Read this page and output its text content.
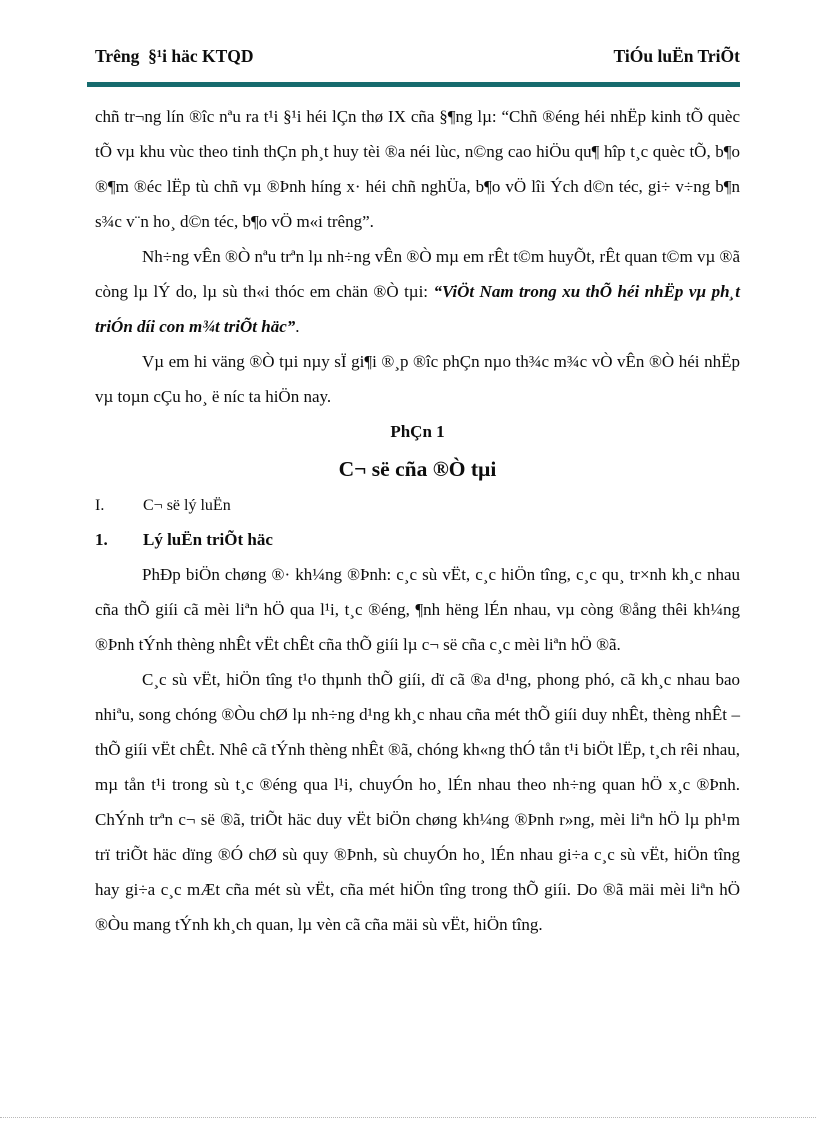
Trêng  §¹i häc KTQD	TiÓu luËn TriÕt

chñ tr¬ng lín ®îc nªu ra t¹i §¹i héi lÇn thø IX cña §¶ng lµ: “Chñ ®éng héi nhËp kinh tÕ quèc tÕ vµ khu vùc theo tinh thÇn ph¸t huy tèi ®a néi lùc, n©ng cao hiÖu qu¶ hîp t¸c quèc tÕ, b¶o ®¶m ®éc lËp tù chñ vµ ®Þnh híng x· héi chñ nghÜa, b¶o vÖ lîi Ých d©n téc, gi÷ v÷ng b¶n s¾c v¨n ho¸ d©n téc, b¶o vÖ m«i trêng”.

Nh÷ng vÊn ®Ò nªu trªn lµ nh÷ng vÊn ®Ò mµ em rÊt t©m huyÕt, rÊt quan t©m vµ ®ã còng lµ lÝ do, lµ sù th«i thóc em chän ®Ò tµi: “ViÖt Nam trong xu thÕ héi nhËp vµ ph¸t triÓn díi con m¾t triÕt häc”.

Vµ em hi väng ®Ò tµi nµy sÏ gi¶i ®¸p ®îc phÇn nµo th¾c m¾c vÒ vÊn ®Ò héi nhËp vµ toµn cÇu ho¸ ë níc ta hiÖn nay.

PhÇn 1

C¬ së cña ®Ò tµi
I.	C¬ së lý luËn
1.	Lý luËn triÕt häc

PhÐp biÖn chøng ®· kh¼ng ®Þnh: c¸c sù vËt, c¸c hiÖn tîng, c¸c qu¸ tr×nh kh¸c nhau cña thÕ giíi cã mèi liªn hÖ qua l¹i, t¸c ®éng, ¶nh hëng lÉn nhau, vµ còng ®ång thêi kh¼ng ®Þnh tÝnh thèng nhÊt vËt chÊt cña thÕ giíi lµ c¬ së cña c¸c mèi liªn hÖ ®ã.

C¸c sù vËt, hiÖn tîng t¹o thµnh thÕ giíi, dï cã ®a d¹ng, phong phó, cã kh¸c nhau bao nhiªu, song chóng ®Òu chØ lµ nh÷ng d¹ng kh¸c nhau cña mét thÕ giíi duy nhÊt, thèng nhÊt – thÕ giíi vËt chÊt. Nhê cã tÝnh thèng nhÊt ®ã, chóng kh«ng thÓ tån t¹i biÖt lËp, t¸ch rêi nhau, mµ tån t¹i trong sù t¸c ®éng qua l¹i, chuyÓn ho¸ lÉn nhau theo nh÷ng quan hÖ x¸c ®Þnh. ChÝnh trªn c¬ së ®ã, triÕt häc duy vËt biÖn chøng kh¼ng ®Þnh r»ng, mèi liªn hÖ lµ ph¹m trï triÕt häc dïng ®Ó chØ sù quy ®Þnh, sù chuyÓn ho¸ lÉn nhau gi÷a c¸c sù vËt, hiÖn tîng hay gi÷a c¸c mÆt cña mét sù vËt, cña mét hiÖn tîng trong thÕ giíi. Do ®ã mäi mèi liªn hÖ ®Òu mang tÝnh kh¸ch quan, lµ vèn cã cña mäi sù vËt, hiÖn tîng.
